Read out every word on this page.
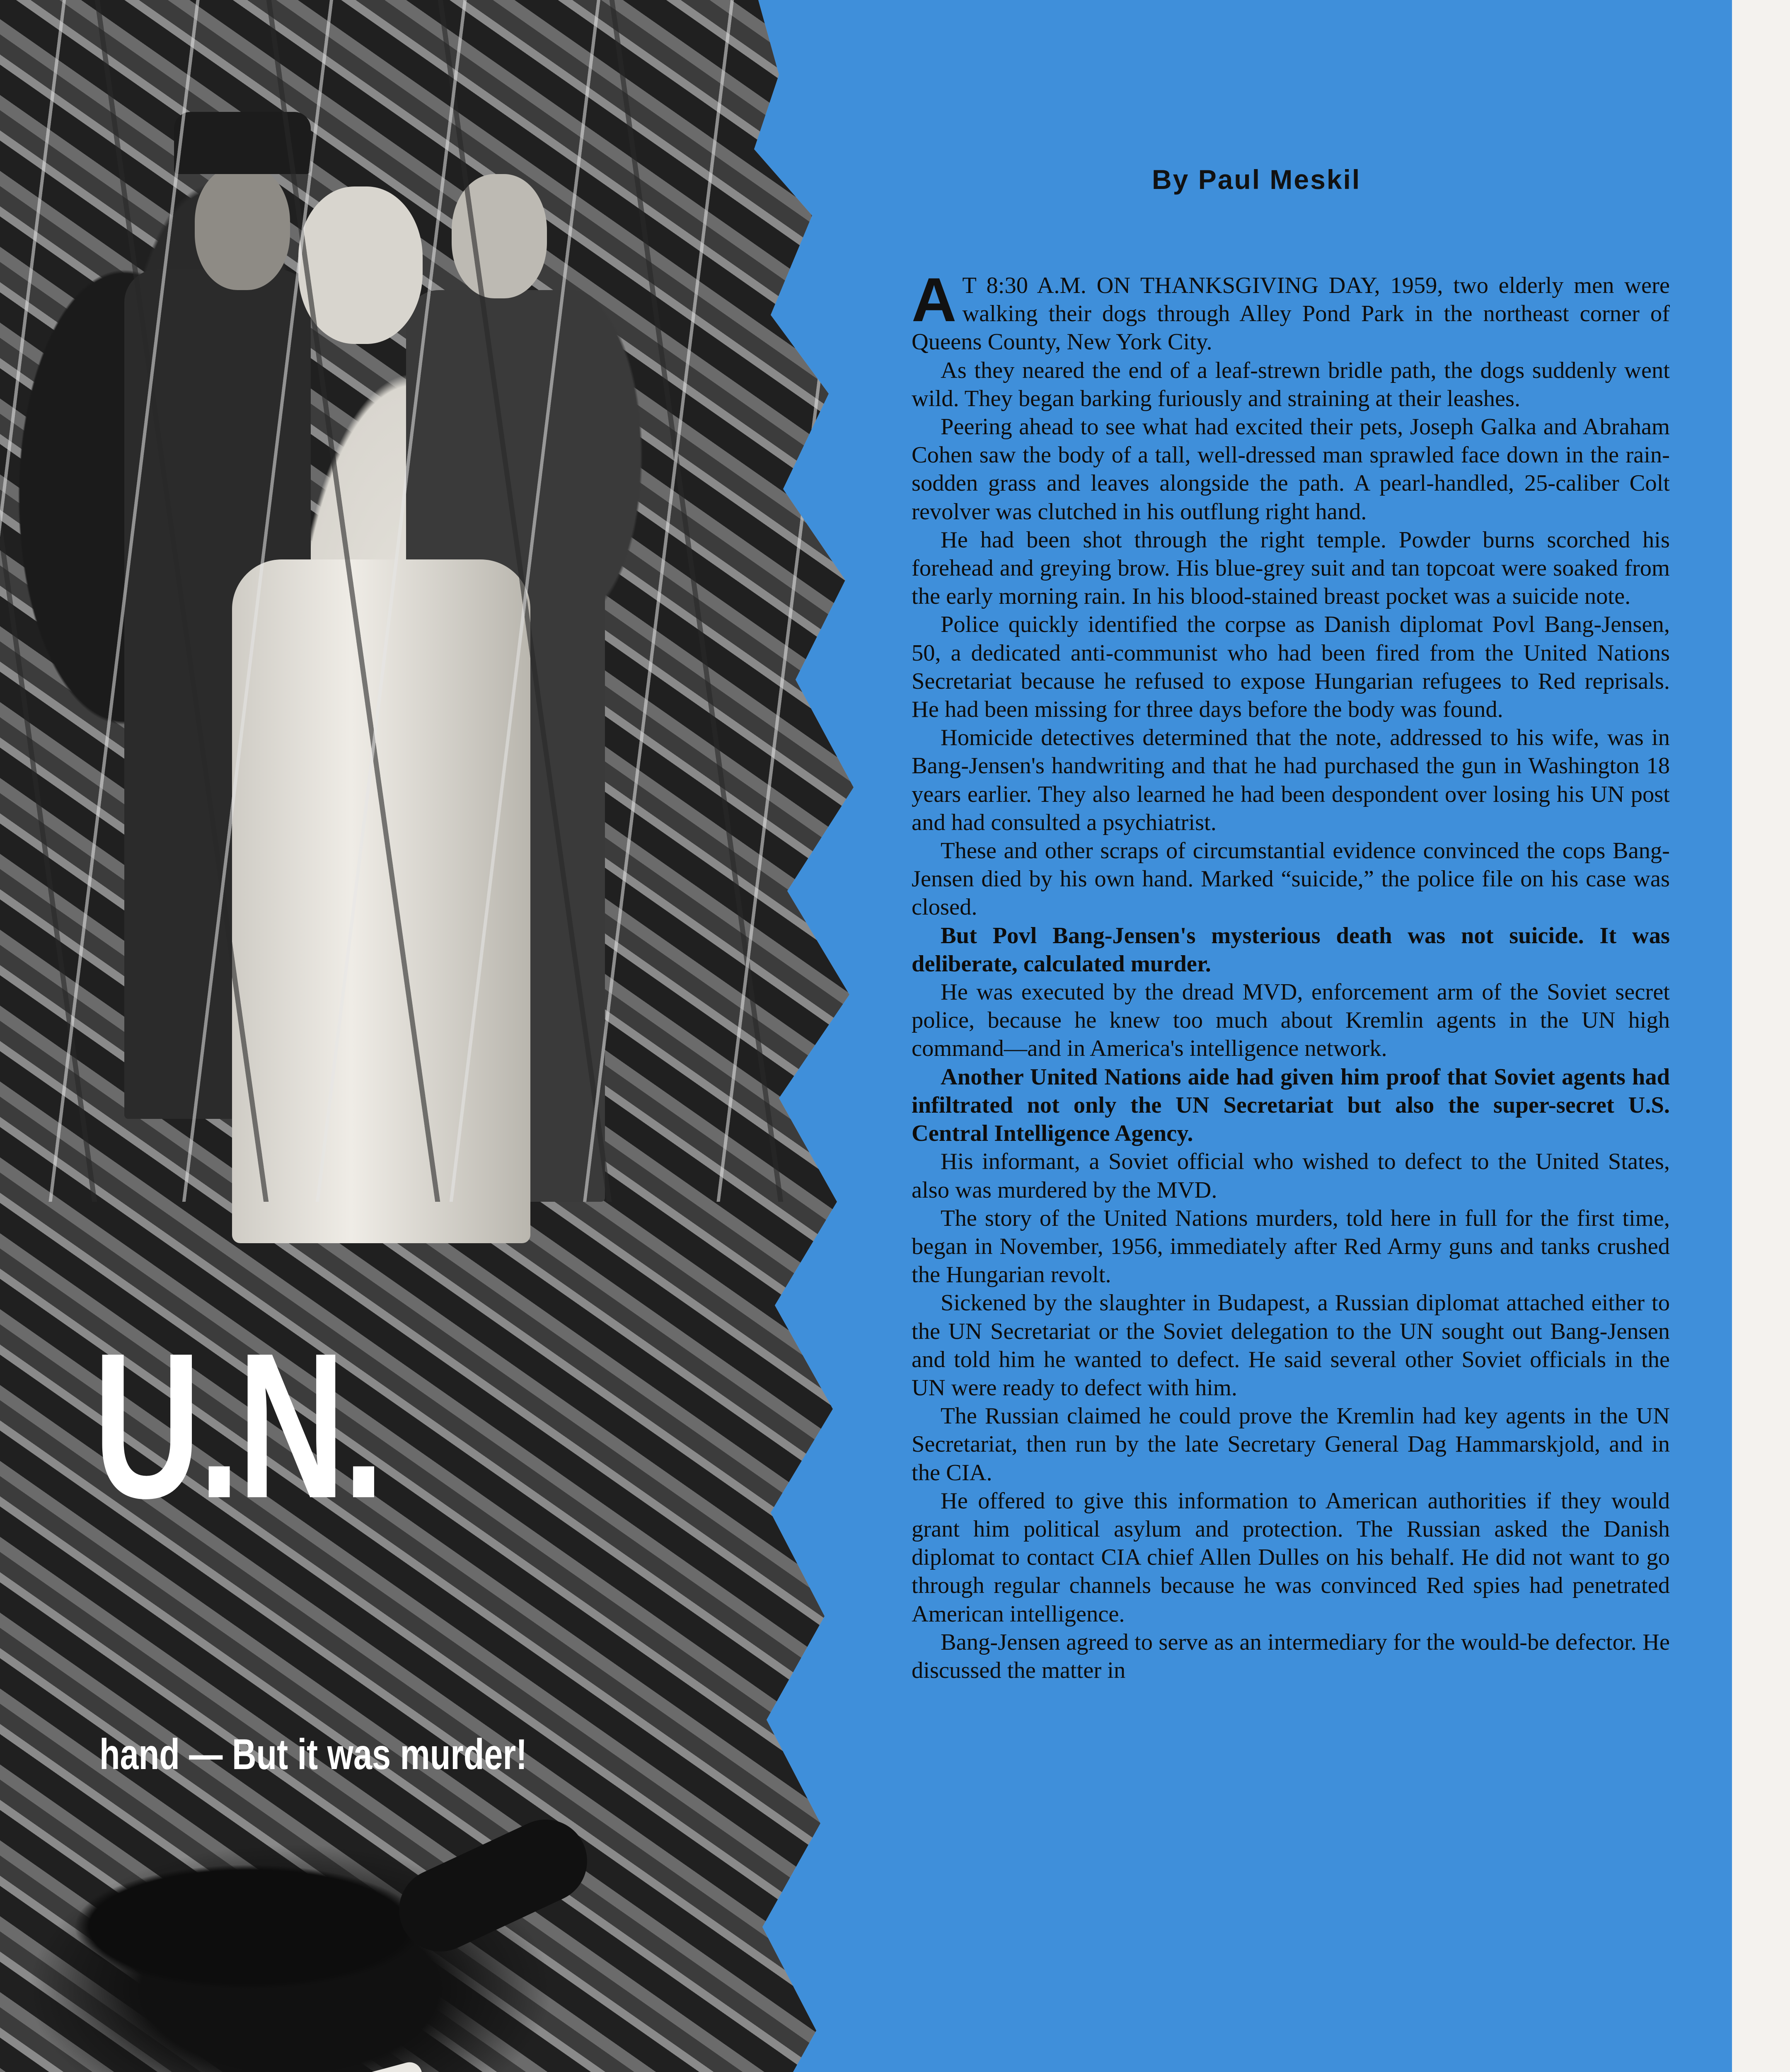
U.N.
hand — But it was murder!
By Paul Meskil

A T 8:30 A.M. ON THANKSGIVING DAY, 1959, two elderly men were walking their dogs through Alley Pond Park in the northeast corner of Queens County, New York City.

As they neared the end of a leaf-strewn bridle path, the dogs suddenly went wild. They began barking furiously and straining at their leashes.

Peering ahead to see what had excited their pets, Joseph Galka and Abraham Cohen saw the body of a tall, well-dressed man sprawled face down in the rain-sodden grass and leaves alongside the path. A pearl-handled, 25-caliber Colt revolver was clutched in his outflung right hand.

He had been shot through the right temple. Powder burns scorched his forehead and greying brow. His blue-grey suit and tan topcoat were soaked from the early morning rain. In his blood-stained breast pocket was a suicide note.

Police quickly identified the corpse as Danish diplomat Povl Bang-Jensen, 50, a dedicated anti-communist who had been fired from the United Nations Secretariat because he refused to expose Hungarian refugees to Red reprisals. He had been missing for three days before the body was found.

Homicide detectives determined that the note, addressed to his wife, was in Bang-Jensen's handwriting and that he had purchased the gun in Washington 18 years earlier. They also learned he had been despondent over losing his UN post and had consulted a psychiatrist.

These and other scraps of circumstantial evidence convinced the cops Bang-Jensen died by his own hand. Marked “suicide,” the police file on his case was closed.

But Povl Bang-Jensen's mysterious death was not suicide. It was deliberate, calculated murder.

He was executed by the dread MVD, enforcement arm of the Soviet secret police, because he knew too much about Kremlin agents in the UN high command—and in America's intelligence network.

Another United Nations aide had given him proof that Soviet agents had infiltrated not only the UN Secretariat but also the super-secret U.S. Central Intelligence Agency.

His informant, a Soviet official who wished to defect to the United States, also was murdered by the MVD.

The story of the United Nations murders, told here in full for the first time, began in November, 1956, immediately after Red Army guns and tanks crushed the Hungarian revolt.

Sickened by the slaughter in Budapest, a Russian diplomat attached either to the UN Secretariat or the Soviet delegation to the UN sought out Bang-Jensen and told him he wanted to defect. He said several other Soviet officials in the UN were ready to defect with him.

The Russian claimed he could prove the Kremlin had key agents in the UN Secretariat, then run by the late Secretary General Dag Hammarskjold, and in the CIA.

He offered to give this information to American authorities if they would grant him political asylum and protection. The Russian asked the Danish diplomat to contact CIA chief Allen Dulles on his behalf. He did not want to go through regular channels because he was convinced Red spies had penetrated American intelligence.

Bang-Jensen agreed to serve as an intermediary for the would-be defector. He discussed the matter in
